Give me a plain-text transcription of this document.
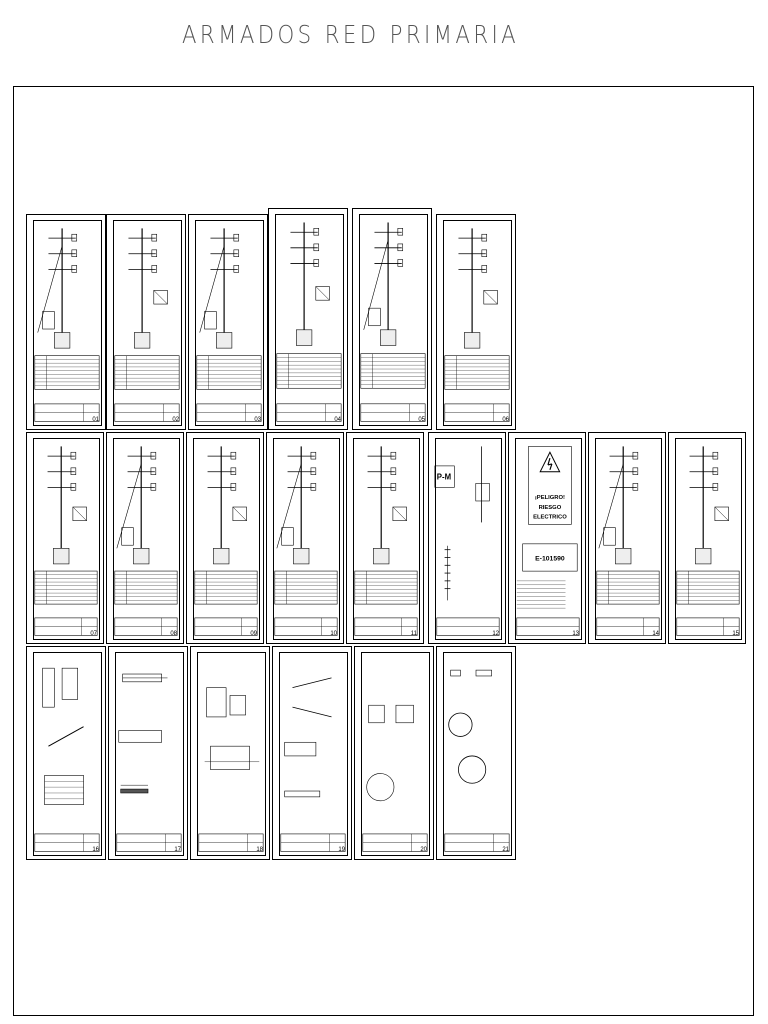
ARMADOS RED PRIMARIA
01	02	03	04	05	06
07	08	09	10	11
P-M
12
¡PELIGRO!
RIESGO
ELECTRICO
E-101590
13	14	15
16	17	18	19	20	21
